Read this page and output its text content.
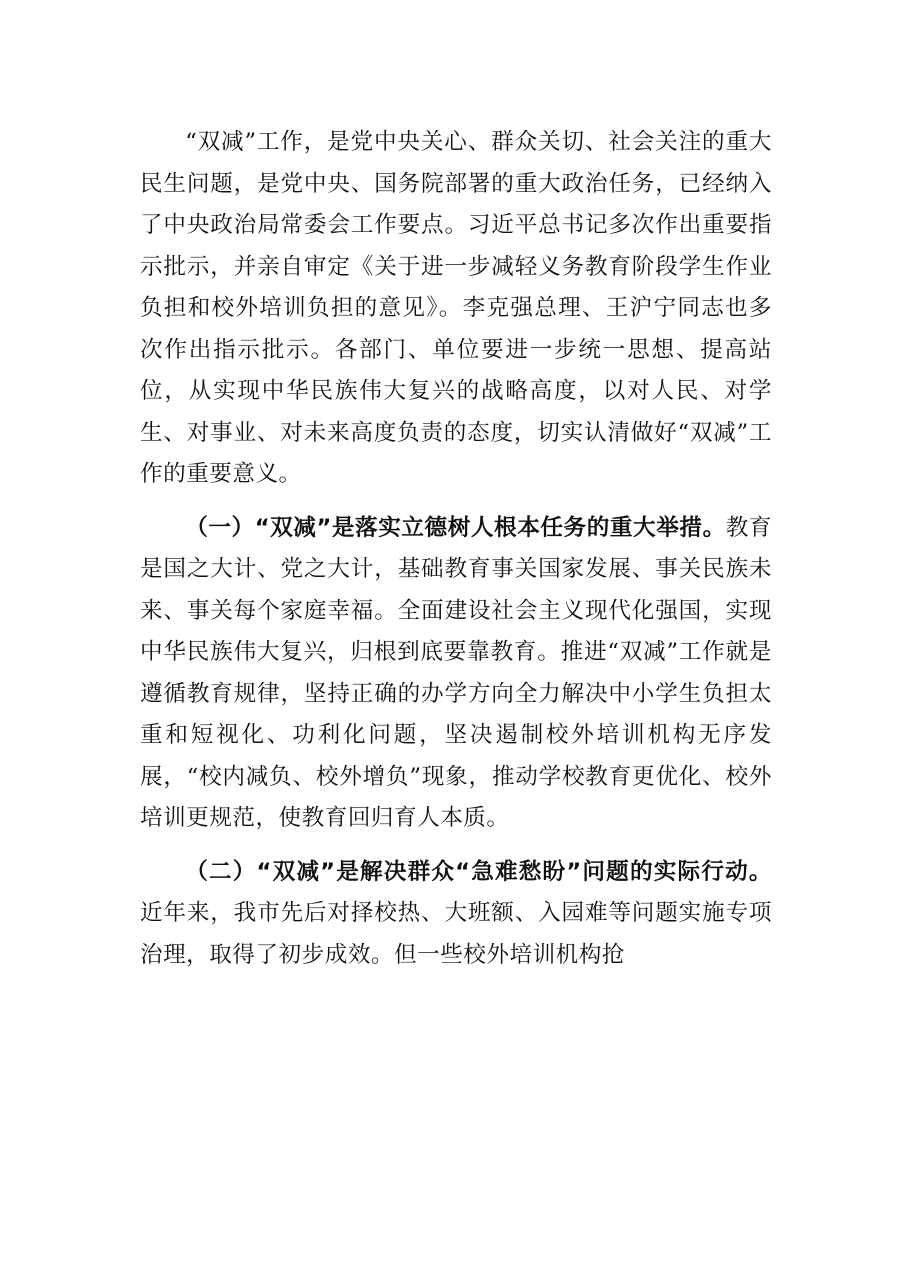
“双减”工作，是党中央关心、群众关切、社会关注的重大民生问题，是党中央、国务院部署的重大政治任务，已经纳入了中央政治局常委会工作要点。习近平总书记多次作出重要指示批示，并亲自审定《关于进一步减轻义务教育阶段学生作业负担和校外培训负担的意见》。李克强总理、王沪宁同志也多次作出指示批示。各部门、单位要进一步统一思想、提高站位，从实现中华民族伟大复兴的战略高度，以对人民、对学生、对事业、对未来高度负责的态度，切实认清做好“双减”工作的重要意义。

（一）“双减”是落实立德树人根本任务的重大举措。教育是国之大计、党之大计，基础教育事关国家发展、事关民族未来、事关每个家庭幸福。全面建设社会主义现代化强国，实现中华民族伟大复兴，归根到底要靠教育。推进“双减”工作就是遵循教育规律，坚持正确的办学方向全力解决中小学生负担太重和短视化、功利化问题，坚决遏制校外培训机构无序发展，“校内减负、校外增负”现象，推动学校教育更优化、校外培训更规范，使教育回归育人本质。

（二）“双减”是解决群众“急难愁盼”问题的实际行动。近年来，我市先后对择校热、大班额、入园难等问题实施专项治理，取得了初步成效。但一些校外培训机构抢
